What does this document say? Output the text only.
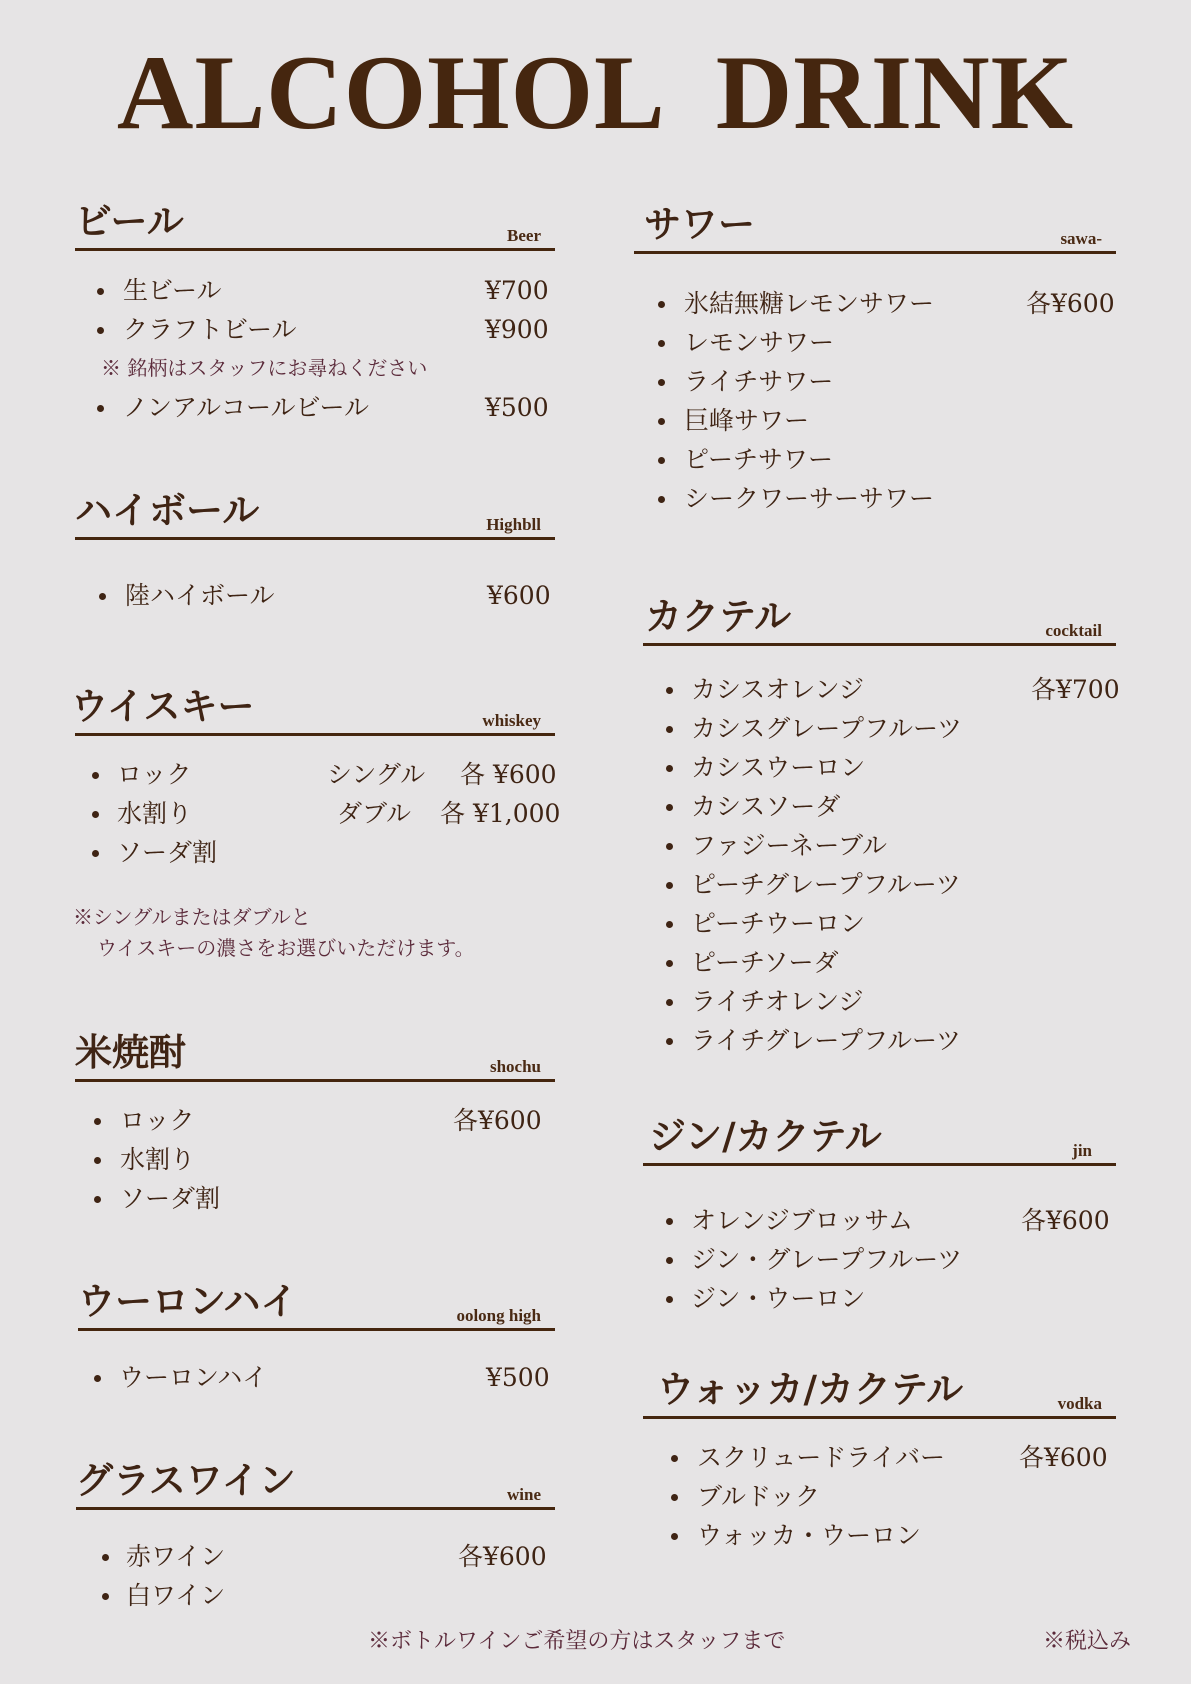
ALCOHOL DRINK
ビール	Beer
生ビール	¥700
クラフトビール	¥900
※ 銘柄はスタッフにお尋ねください
ノンアルコールビール	¥500
ハイボール	Highbll
陸ハイボール	¥600
ウイスキー	whiskey
ロック	シングル 各 ¥600
水割り	ダブル 各 ¥1,000
ソーダ割
※シングルまたはダブルと
ウイスキーの濃さをお選びいただけます。
米焼酎	shochu
ロック	各¥600
水割り
ソーダ割
ウーロンハイ	oolong high
ウーロンハイ	¥500
グラスワイン	wine
赤ワイン	各¥600
白ワイン
サワー	sawa-
氷結無糖レモンサワー	各¥600
レモンサワー
ライチサワー
巨峰サワー
ピーチサワー
シークワーサーサワー
カクテル	cocktail
カシスオレンジ	各¥700
カシスグレープフルーツ
カシスウーロン
カシスソーダ
ファジーネーブル
ピーチグレープフルーツ
ピーチウーロン
ピーチソーダ
ライチオレンジ
ライチグレープフルーツ
ジン/カクテル	jin
オレンジブロッサム	各¥600
ジン・グレープフルーツ
ジン・ウーロン
ウォッカ/カクテル	vodka
スクリュードライバー	各¥600
ブルドック
ウォッカ・ウーロン
※ボトルワインご希望の方はスタッフまで	※税込み
